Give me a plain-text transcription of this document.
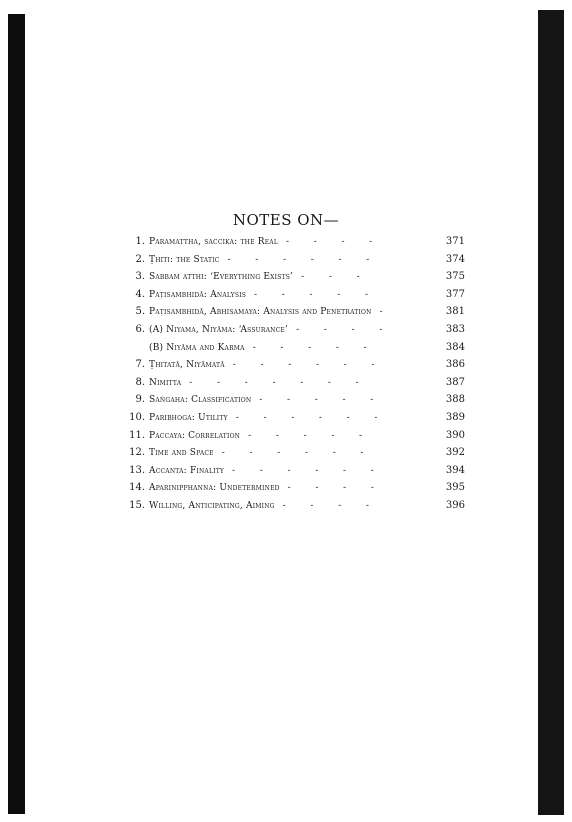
NOTES ON—
1. Paramattha, saccika: the Real -        -        -        -	371
2. Ṭhiti: the Static -        -        -        -        -        -	374
3. Sabbam atthi: ‘Everything Exists’ -        -        -	375
4. Paṭisambhidā: Analysis -        -        -        -        -	377
5. Paṭisambhidā, Abhisamaya: Analysis and Penetration -	381
6. (A) Niyama, Niyāma: ‘Assurance’ -        -        -        -	383
(B) Niyāma and Karma -        -        -        -        -	384
7. Ṭhitatā, Niyāmatā -        -        -        -        -        -	386
8. Nimitta -        -        -        -        -        -        -	387
9. Saṅgaha: Classification -        -        -        -        -	388
10. Paribhoga: Utility -        -        -        -        -        -	389
11. Paccaya: Correlation -        -        -        -        -	390
12. Time and Space -        -        -        -        -        -	392
13. Accanta: Finality -        -        -        -        -        -	394
14. Aparinipphanna: Undetermined -        -        -        -	395
15. Willing, Anticipating, Aiming -        -        -        -	396
